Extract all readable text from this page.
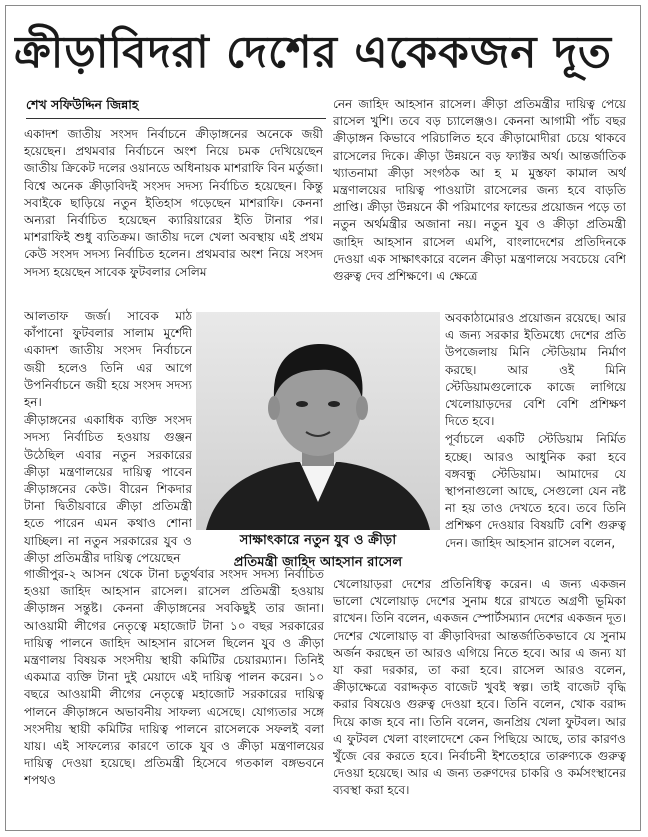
ক্রীড়াবিদরা দেশের একেকজন দূত
শেখ সফিউদ্দিন জিন্নাহ

একাদশ জাতীয় সংসদ নির্বাচনে ক্রীড়াঙ্গনের অনেকে জয়ী হয়েছেন। প্রথমবার নির্বাচনে অংশ নিয়ে চমক দেখিয়েছেন জাতীয় ক্রিকেট দলের ওয়ানডে অধিনায়ক মাশরাফি বিন মর্তুজা। বিশ্বে অনেক ক্রীড়াবিদই সংসদ সদস্য নির্বাচিত হয়েছেন। কিন্তু সবাইকে ছাড়িয়ে নতুন ইতিহাস গড়েছেন মাশরাফি। কেননা অন্যরা নির্বাচিত হয়েছেন ক্যারিয়ারের ইতি টানার পর। মাশরাফিই শুধু ব্যতিক্রম। জাতীয় দলে খেলা অবস্থায় এই প্রথম কেউ সংসদ সদস্য নির্বাচিত হলেন। প্রথমবার অংশ নিয়ে সংসদ সদস্য হয়েছেন সাবেক ফুটবলার সেলিম

আলতাফ জর্জ। সাবেক মাঠ কাঁপানো ফুটবলার সালাম মুর্শেদী একাদশ জাতীয় সংসদ নির্বাচনে জয়ী হলেও তিনি এর আগে উপনির্বাচনে জয়ী হয়ে সংসদ সদস্য হন।

ক্রীড়াঙ্গনের একাধিক ব্যক্তি সংসদ সদস্য নির্বাচিত হওয়ায় গুঞ্জন উঠেছিল এবার নতুন সরকারের ক্রীড়া মন্ত্রণালয়ের দায়িত্ব পাবেন ক্রীড়াঙ্গনের কেউ। বীরেন শিকদার টানা দ্বিতীয়বারে ক্রীড়া প্রতিমন্ত্রী হতে পারেন এমন কথাও শোনা যাচ্ছিল। না নতুন সরকারের যুব ও ক্রীড়া প্রতিমন্ত্রীর দায়িত্ব পেয়েছেন

সাক্ষাৎকারে নতুন যুব ও ক্রীড়া
প্রতিমন্ত্রী জাহিদ আহসান রাসেল

গাজীপুর-২ আসন থেকে টানা চতুর্থবার সংসদ সদস্য নির্বাচিত হওয়া জাহিদ আহসান রাসেল। রাসেল প্রতিমন্ত্রী হওয়ায় ক্রীড়াঙ্গন সন্তুষ্ট। কেননা ক্রীড়াঙ্গনের সবকিছুই তার জানা। আওয়ামী লীগের নেতৃত্বে মহাজোট টানা ১০ বছর সরকারের দায়িত্ব পালনে জাহিদ আহসান রাসেল ছিলেন যুব ও ক্রীড়া মন্ত্রণালয় বিষয়ক সংসদীয় স্থায়ী কমিটির চেয়ারম্যান। তিনিই একমাত্র ব্যক্তি টানা দুই মেয়াদে এই দায়িত্ব পালন করেন। ১০ বছরে আওয়ামী লীগের নেতৃত্বে মহাজোট সরকারের দায়িত্ব পালনে ক্রীড়াঙ্গনে অভাবনীয় সাফল্য এসেছে। যোগ্যতার সঙ্গে সংসদীয় স্থায়ী কমিটির দায়িত্ব পালনে রাসেলকে সফলই বলা যায়। এই সাফল্যের কারণে তাকে যুব ও ক্রীড়া মন্ত্রণালয়ের দায়িত্ব দেওয়া হয়েছে। প্রতিমন্ত্রী হিসেবে গতকাল বঙ্গভবনে শপথও

নেন জাহিদ আহসান রাসেল। ক্রীড়া প্রতিমন্ত্রীর দায়িত্ব পেয়ে রাসেল খুশি। তবে বড় চ্যালেঞ্জও। কেননা আগামী পাঁচ বছর ক্রীড়াঙ্গন কিভাবে পরিচালিত হবে ক্রীড়ামোদীরা চেয়ে থাকবে রাসেলের দিকে। ক্রীড়া উন্নয়নে বড় ফ্যাক্টর অর্থ। আন্তর্জাতিক খ্যাতনামা ক্রীড়া সংগঠক আ হ ম মুস্তফা কামাল অর্থ মন্ত্রণালয়ের দায়িত্ব পাওয়াটা রাসেলের জন্য হবে বাড়তি প্রাপ্তি। ক্রীড়া উন্নয়নে কী পরিমাণের ফান্ডের প্রয়োজন পড়ে তা নতুন অর্থমন্ত্রীর অজানা নয়। নতুন যুব ও ক্রীড়া প্রতিমন্ত্রী জাহিদ আহসান রাসেল এমপি, বাংলাদেশের প্রতিদিনকে দেওয়া এক সাক্ষাৎকারে বলেন ক্রীড়া মন্ত্রণালয়ে সবচেয়ে বেশি গুরুত্ব দেব প্রশিক্ষণে। এ ক্ষেত্রে

অবকাঠামোরও প্রয়োজন রয়েছে। আর এ জন্য সরকার ইতিমধ্যে দেশের প্রতি উপজেলায় মিনি স্টেডিয়াম নির্মাণ করছে। আর ওই মিনি স্টেডিয়ামগুলোকে কাজে লাগিয়ে খেলোয়াড়দের বেশি বেশি প্রশিক্ষণ দিতে হবে।

পূর্বাচলে একটি স্টেডিয়াম নির্মিত হচ্ছে। আরও আধুনিক করা হবে বঙ্গবন্ধু স্টেডিয়াম। আমাদের যে স্থাপনাগুলো আছে, সেগুলো যেন নষ্ট না হয় তাও দেখতে হবে। তবে তিনি প্রশিক্ষণ দেওয়ার বিষয়টি বেশি গুরুত্ব দেন। জাহিদ আহসান রাসেল বলেন,

খেলোয়াড়রা দেশের প্রতিনিধিত্ব করেন। এ জন্য একজন ভালো খেলোয়াড় দেশের সুনাম ধরে রাখতে অগ্রণী ভূমিকা রাখেন। তিনি বলেন, একজন স্পোর্টসম্যান দেশের একজন দূত। দেশের খেলোয়াড় বা ক্রীড়াবিদরা আন্তর্জাতিকভাবে যে সুনাম অর্জন করছেন তা আরও এগিয়ে নিতে হবে। আর এ জন্য যা যা করা দরকার, তা করা হবে। রাসেল আরও বলেন, ক্রীড়াক্ষেত্রে বরাদ্দকৃত বাজেট খুবই স্বল্প। তাই বাজেট বৃদ্ধি করার বিষয়েও গুরুত্ব দেওয়া হবে। তিনি বলেন, খোক বরাদ্দ দিয়ে কাজ হবে না। তিনি বলেন, জনপ্রিয় খেলা ফুটবল। আর এ ফুটবল খেলা বাংলাদেশে কেন পিছিয়ে আছে, তার কারণও খুঁজে বের করতে হবে। নির্বাচনী ইশতেহারে তারুণ্যকে গুরুত্ব দেওয়া হয়েছে। আর এ জন্য তরুণদের চাকরি ও কর্মসংস্থানের ব্যবস্থা করা হবে।
